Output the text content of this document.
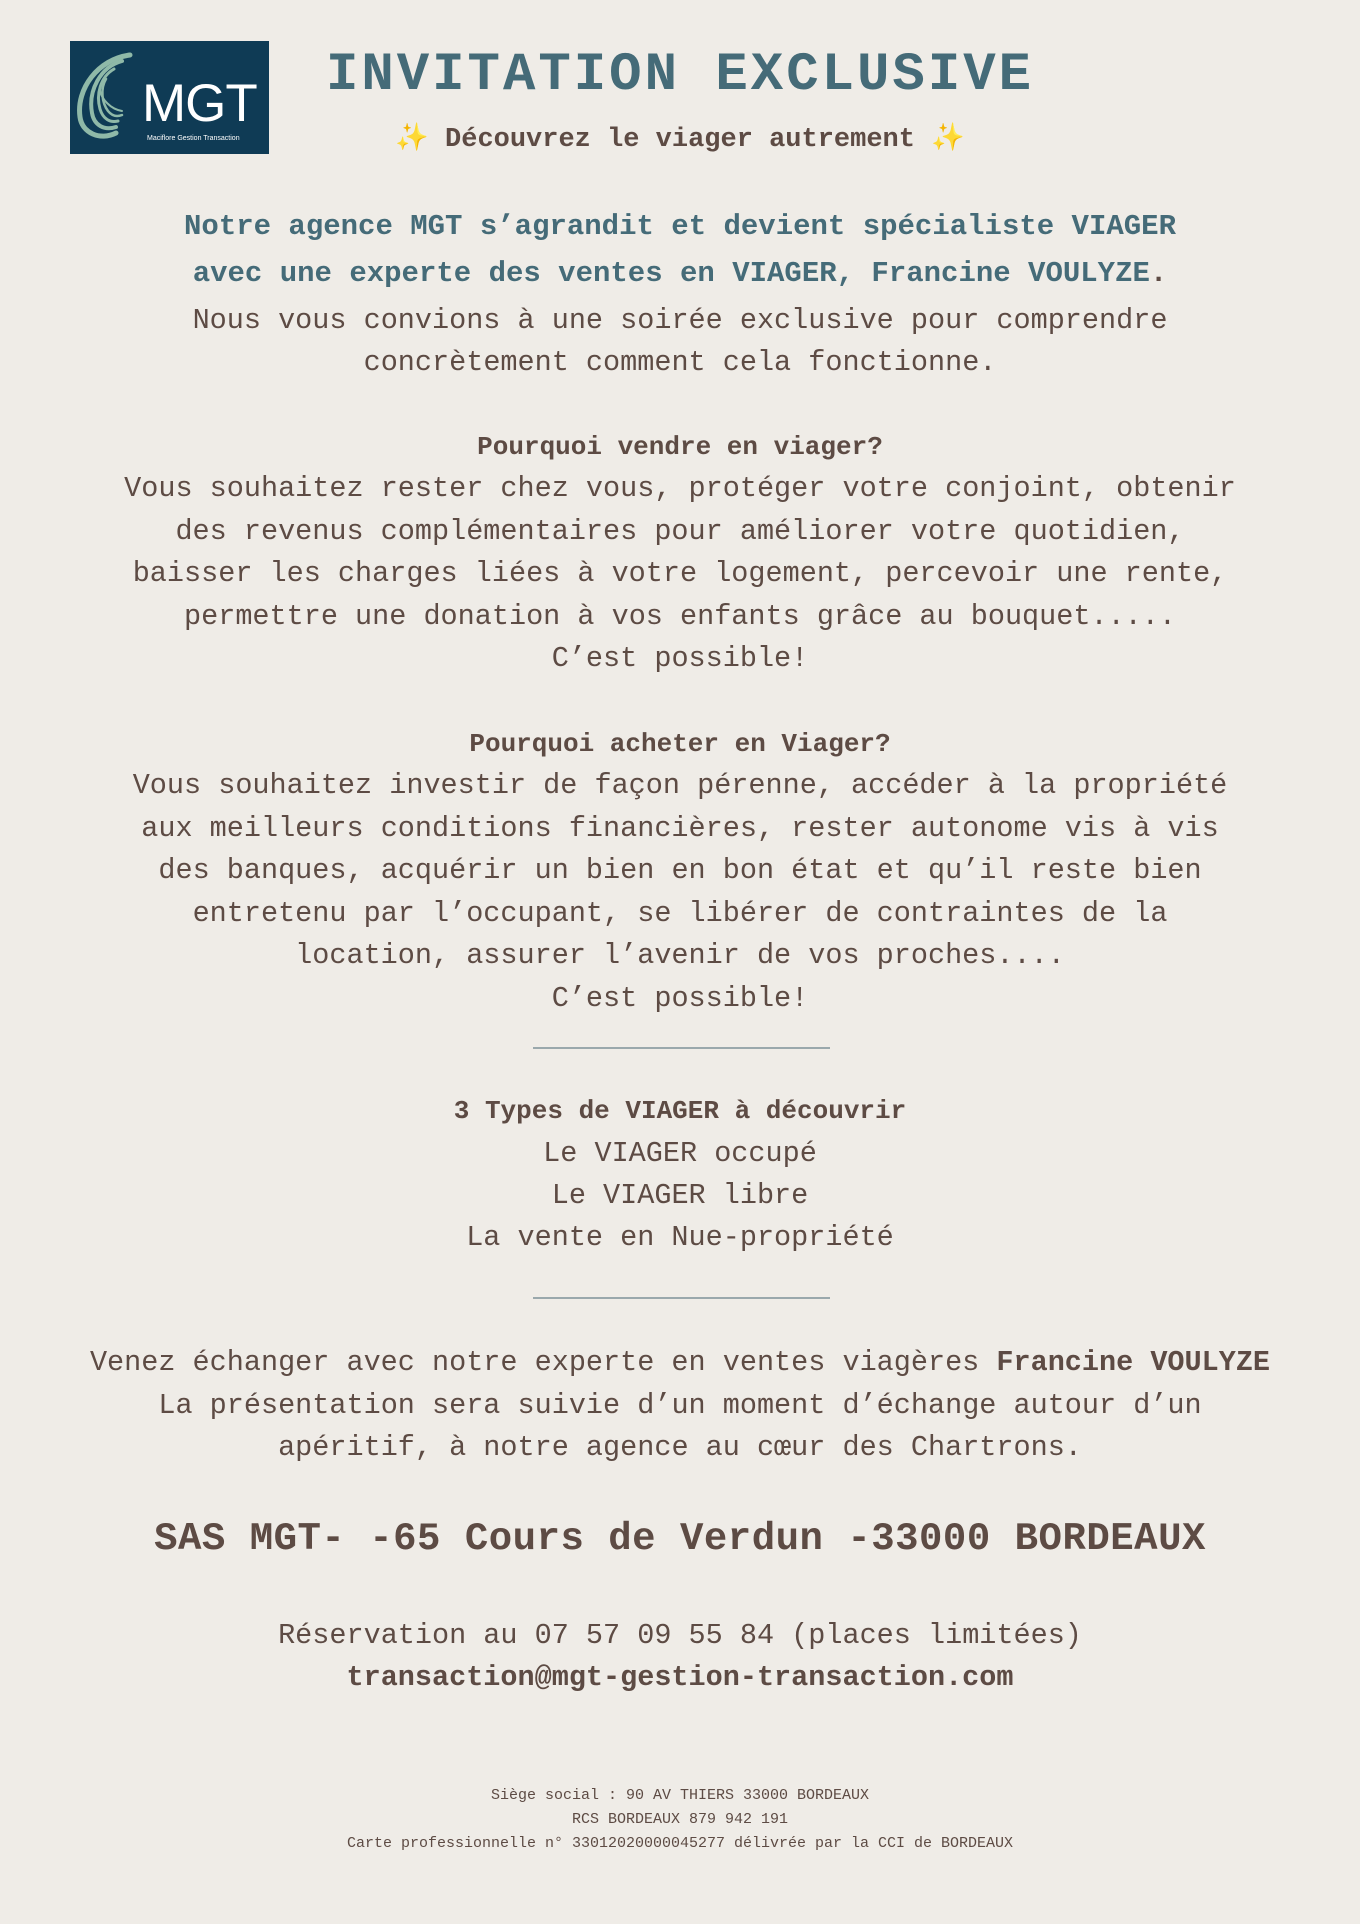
MGT
Maciflore Gestion Transaction
INVITATION EXCLUSIVE
✨ Découvrez le viager autrement ✨
Notre agence MGT s’agrandit et devient spécialiste VIAGER
avec une experte des ventes en VIAGER, Francine VOULYZE.
Nous vous convions à une soirée exclusive pour comprendre
concrètement comment cela fonctionne.
Pourquoi vendre en viager?
Vous souhaitez rester chez vous, protéger votre conjoint, obtenir
des revenus complémentaires pour améliorer votre quotidien,
baisser les charges liées à votre logement, percevoir une rente,
permettre une donation à vos enfants grâce au bouquet.....
C’est possible!
Pourquoi acheter en Viager?
Vous souhaitez investir de façon pérenne, accéder à la propriété
aux meilleurs conditions financières, rester autonome vis à vis
des banques, acquérir un bien en bon état et qu’il reste bien
entretenu par l’occupant, se libérer de contraintes de la
location, assurer l’avenir de vos proches....
C’est possible!
3 Types de VIAGER à découvrir
Le VIAGER occupé
Le VIAGER libre
La vente en Nue-propriété
Venez échanger avec notre experte en ventes viagères Francine VOULYZE
La présentation sera suivie d’un moment d’échange autour d’un
apéritif, à notre agence au cœur des Chartrons.
SAS MGT- -65 Cours de Verdun -33000 BORDEAUX
Réservation au 07 57 09 55 84 (places limitées)
transaction@mgt-gestion-transaction.com
Siège social : 90 AV THIERS 33000 BORDEAUX
RCS BORDEAUX 879 942 191
Carte professionnelle n° 33012020000045277 délivrée par la CCI de BORDEAUX
